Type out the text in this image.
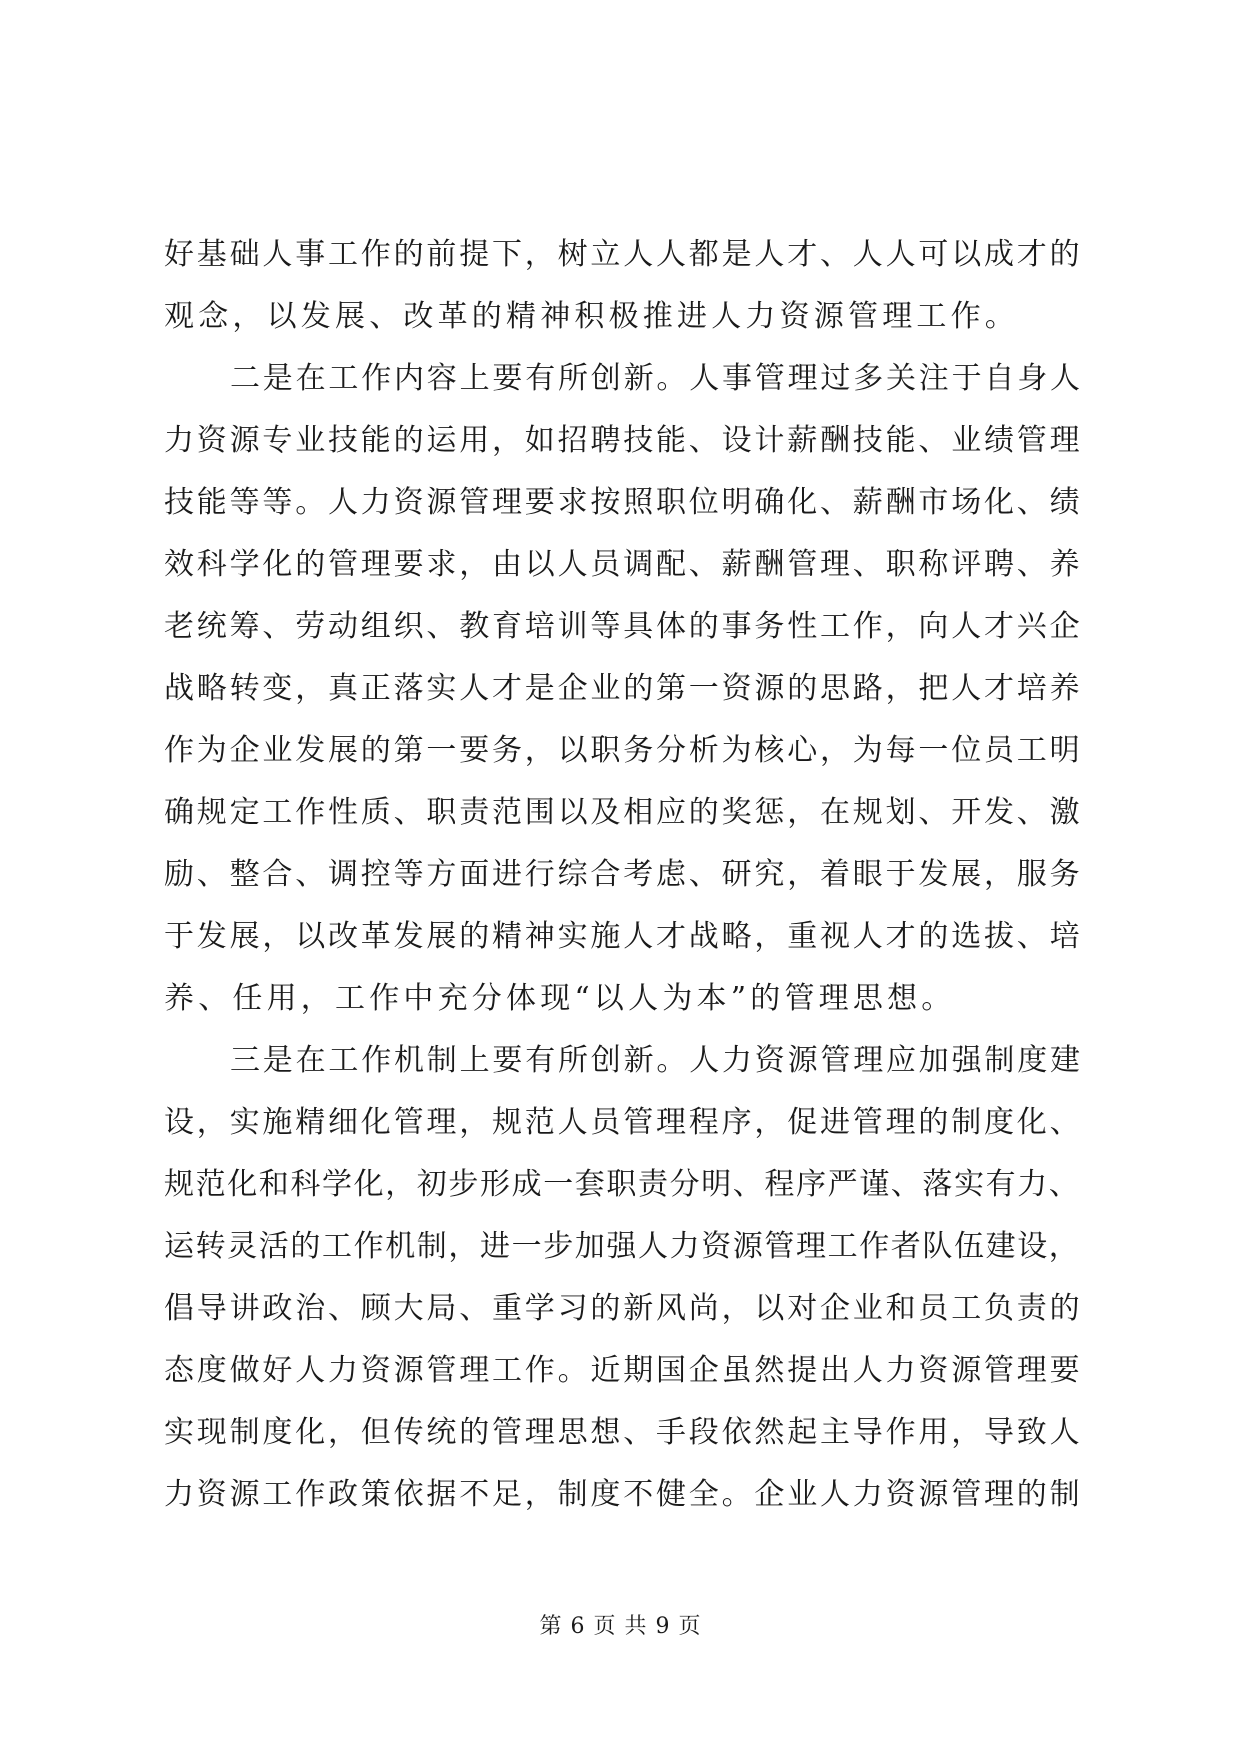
好基础人事工作的前提下，树立人人都是人才、人人可以成才的
观念，以发展、改革的精神积极推进人力资源管理工作。
二是在工作内容上要有所创新。人事管理过多关注于自身人
力资源专业技能的运用，如招聘技能、设计薪酬技能、业绩管理
技能等等。人力资源管理要求按照职位明确化、薪酬市场化、绩
效科学化的管理要求，由以人员调配、薪酬管理、职称评聘、养
老统筹、劳动组织、教育培训等具体的事务性工作，向人才兴企
战略转变，真正落实人才是企业的第一资源的思路，把人才培养
作为企业发展的第一要务，以职务分析为核心，为每一位员工明
确规定工作性质、职责范围以及相应的奖惩，在规划、开发、激
励、整合、调控等方面进行综合考虑、研究，着眼于发展，服务
于发展，以改革发展的精神实施人才战略，重视人才的选拔、培
养、任用，工作中充分体现“以人为本”的管理思想。
三是在工作机制上要有所创新。人力资源管理应加强制度建
设，实施精细化管理，规范人员管理程序，促进管理的制度化、
规范化和科学化，初步形成一套职责分明、程序严谨、落实有力、
运转灵活的工作机制，进一步加强人力资源管理工作者队伍建设，
倡导讲政治、顾大局、重学习的新风尚，以对企业和员工负责的
态度做好人力资源管理工作。近期国企虽然提出人力资源管理要
实现制度化，但传统的管理思想、手段依然起主导作用，导致人
力资源工作政策依据不足，制度不健全。企业人力资源管理的制
第 6 页 共 9 页
